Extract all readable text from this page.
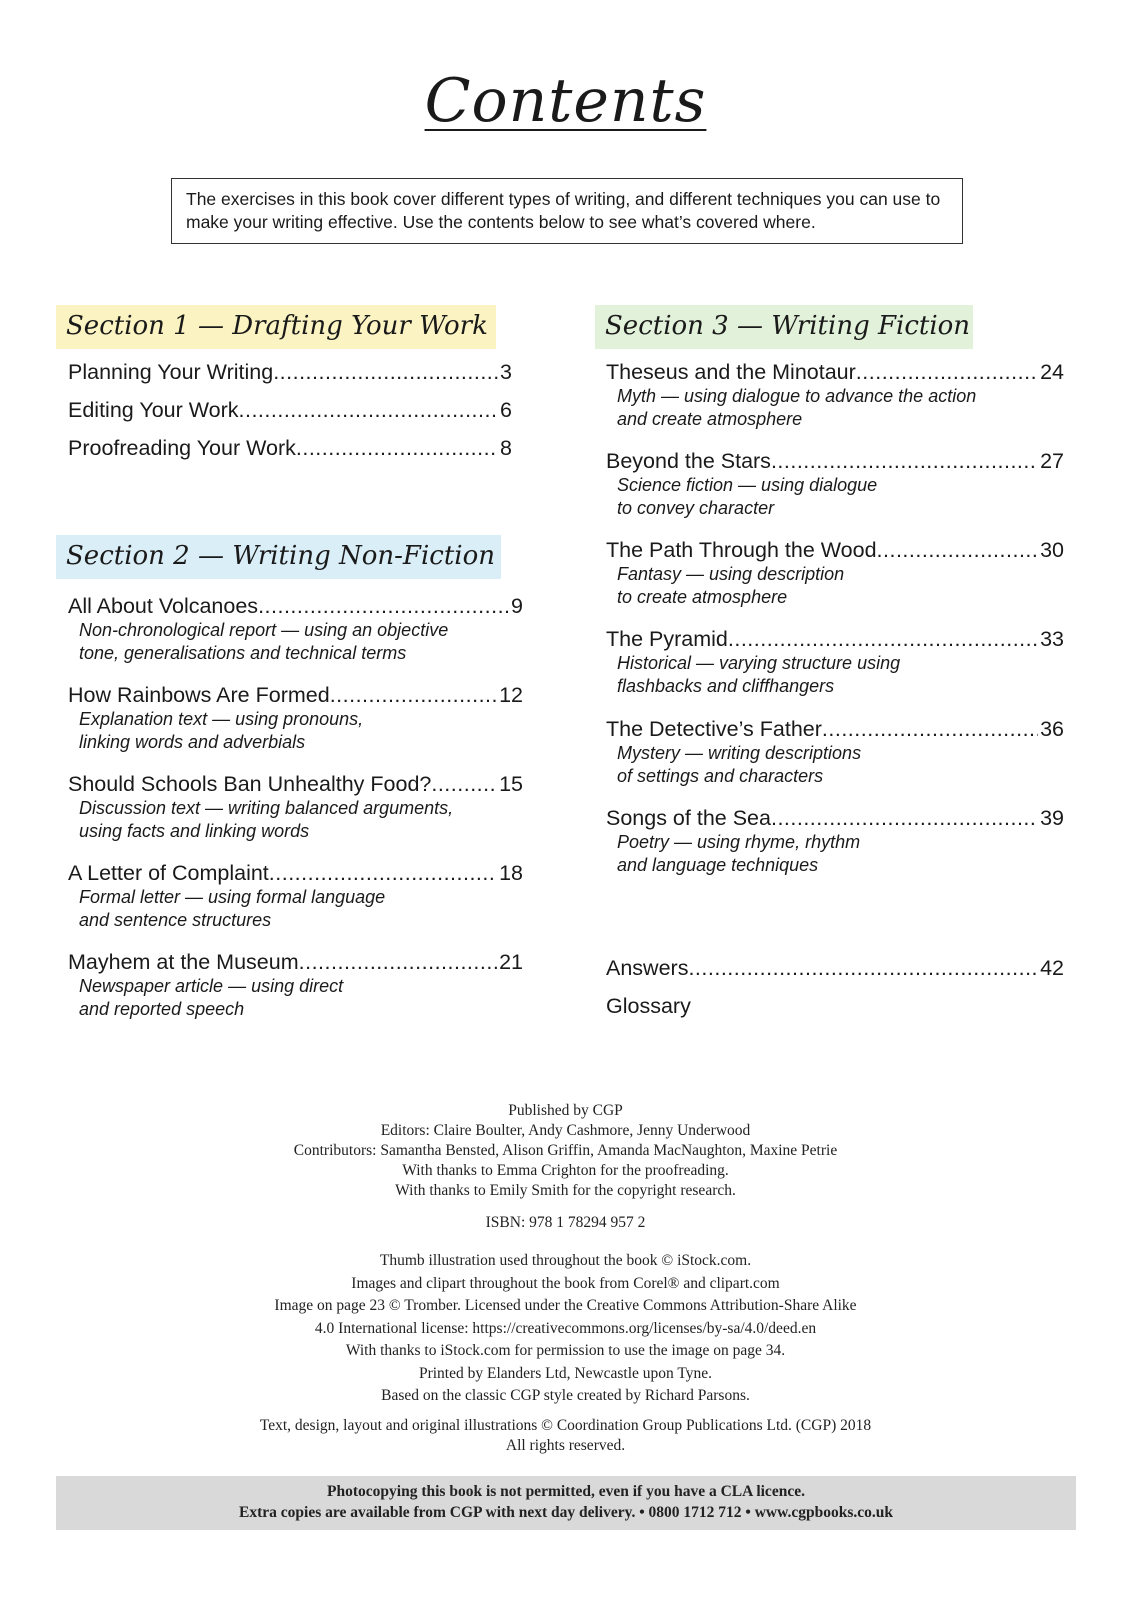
Contents
The exercises in this book cover different types of writing, and different techniques you can use to make your writing effective. Use the contents below to see what’s covered where.
Section 1 — Drafting Your Work
Planning Your Writing .....	3
Editing Your Work .....	6
Proofreading Your Work .....	8
Section 2 — Writing Non-Fiction
All About Volcanoes .....	9
Non-chronological report — using an objective
tone, generalisations and technical terms
How Rainbows Are Formed .....	12
Explanation text — using pronouns,
linking words and adverbials
Should Schools Ban Unhealthy Food? .....	15
Discussion text — writing balanced arguments,
using facts and linking words
A Letter of Complaint .....	18
Formal letter — using formal language
and sentence structures
Mayhem at the Museum .....	21
Newspaper article — using direct
and reported speech
Section 3 — Writing Fiction
Theseus and the Minotaur .....	24
Myth — using dialogue to advance the action
and create atmosphere
Beyond the Stars .....	27
Science fiction — using dialogue
to convey character
The Path Through the Wood .....	30
Fantasy — using description
to create atmosphere
The Pyramid .....	33
Historical — varying structure using
flashbacks and cliffhangers
The Detective’s Father .....	36
Mystery — writing descriptions
of settings and characters
Songs of the Sea .....	39
Poetry — using rhyme, rhythm
and language techniques
Answers .....	42
Glossary
Published by CGP
Editors: Claire Boulter, Andy Cashmore, Jenny Underwood
Contributors: Samantha Bensted, Alison Griffin, Amanda MacNaughton, Maxine Petrie
With thanks to Emma Crighton for the proofreading.
With thanks to Emily Smith for the copyright research.
ISBN: 978 1 78294 957 2
Thumb illustration used throughout the book © iStock.com.
Images and clipart throughout the book from Corel® and clipart.com
Image on page 23 © Tromber. Licensed under the Creative Commons Attribution-Share Alike
4.0 International license: https://creativecommons.org/licenses/by-sa/4.0/deed.en
With thanks to iStock.com for permission to use the image on page 34.
Printed by Elanders Ltd, Newcastle upon Tyne.
Based on the classic CGP style created by Richard Parsons.
Text, design, layout and original illustrations © Coordination Group Publications Ltd. (CGP) 2018
All rights reserved.
Photocopying this book is not permitted, even if you have a CLA licence.
Extra copies are available from CGP with next day delivery. • 0800 1712 712 • www.cgpbooks.co.uk
